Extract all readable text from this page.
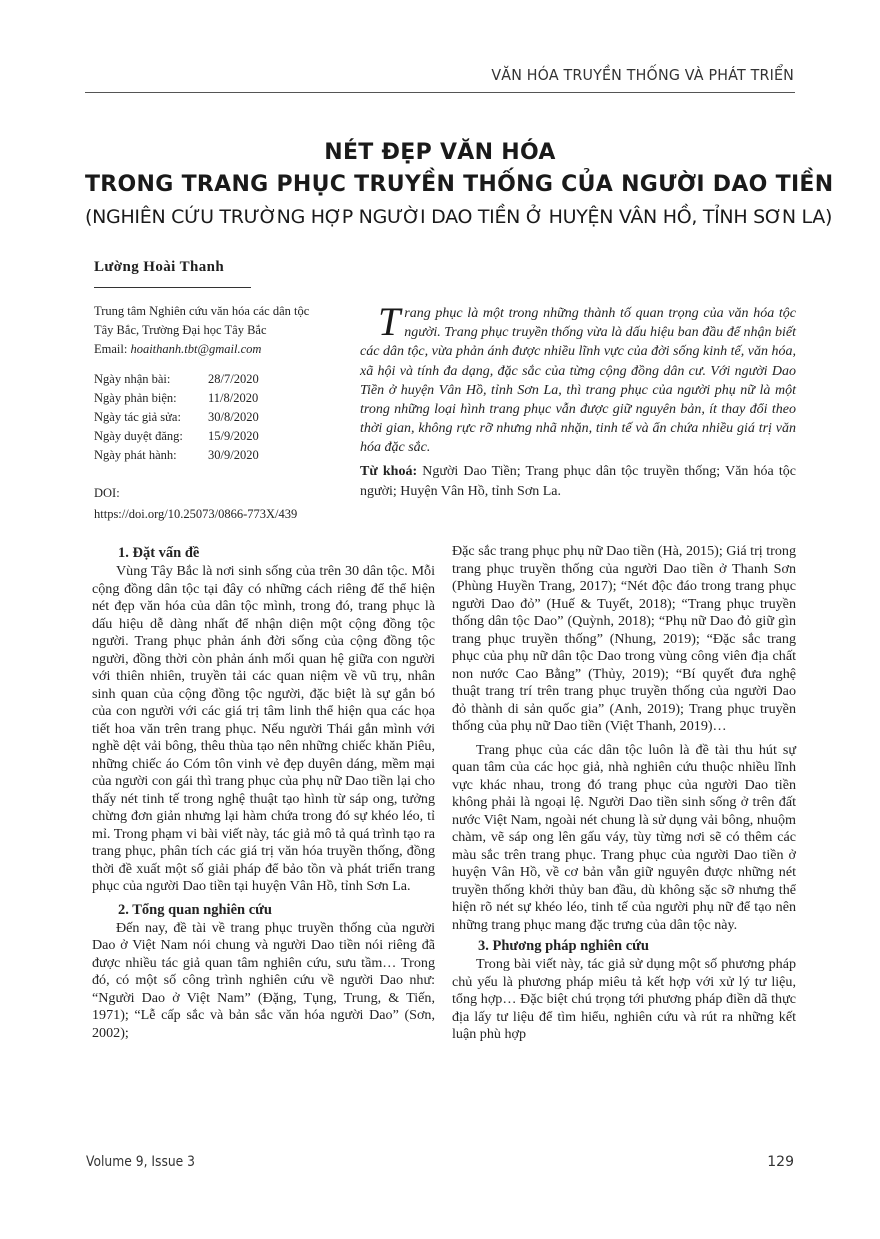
VĂN HÓA TRUYỀN THỐNG VÀ PHÁT TRIỂN
NÉT ĐẸP VĂN HÓA
TRONG TRANG PHỤC TRUYỀN THỐNG CỦA NGƯỜI DAO TIỀN
(NGHIÊN CỨU TRƯỜNG HỢP NGƯỜI DAO TIỀN Ở HUYỆN VÂN HỒ, TỈNH SƠN LA)
Lường Hoài Thanh
Trung tâm Nghiên cứu văn hóa các dân tộc
Tây Bắc, Trường Đại học Tây Bắc
Email: hoaithanh.tbt@gmail.com
Ngày nhận bài:	28/7/2020
Ngày phản biện:	11/8/2020
Ngày tác giả sửa:	30/8/2020
Ngày duyệt đăng:	15/9/2020
Ngày phát hành:	30/9/2020
DOI:
https://doi.org/10.25073/0866-773X/439
Trang phục là một trong những thành tố quan trọng của văn hóa tộc người. Trang phục truyền thống vừa là dấu hiệu ban đầu để nhận biết các dân tộc, vừa phản ánh được nhiều lĩnh vực của đời sống kinh tế, văn hóa, xã hội và tính đa dạng, đặc sắc của từng cộng đồng dân cư. Với người Dao Tiền ở huyện Vân Hồ, tỉnh Sơn La, thì trang phục của người phụ nữ là một trong những loại hình trang phục vẫn được giữ nguyên bản, ít thay đổi theo thời gian, không rực rỡ nhưng nhã nhặn, tinh tế và ẩn chứa nhiều giá trị văn hóa đặc sắc.
Từ khoá: Người Dao Tiền; Trang phục dân tộc truyền thống; Văn hóa tộc người; Huyện Vân Hồ, tỉnh Sơn La.
1. Đặt vấn đề

Vùng Tây Bắc là nơi sinh sống của trên 30 dân tộc. Mỗi cộng đồng dân tộc tại đây có những cách riêng để thể hiện nét đẹp văn hóa của dân tộc mình, trong đó, trang phục là dấu hiệu dễ dàng nhất để nhận diện một cộng đồng tộc người. Trang phục phản ánh đời sống của cộng đồng tộc người, đồng thời còn phản ánh mối quan hệ giữa con người với thiên nhiên, truyền tải các quan niệm về vũ trụ, nhân sinh quan của cộng đồng tộc người, đặc biệt là sự gắn bó của con người với các giá trị tâm linh thể hiện qua các họa tiết hoa văn trên trang phục. Nếu người Thái gắn mình với nghề dệt vải bông, thêu thùa tạo nên những chiếc khăn Piêu, những chiếc áo Cóm tôn vinh vẻ đẹp duyên dáng, mềm mại của người con gái thì trang phục của phụ nữ Dao tiền lại cho thấy nét tinh tế trong nghệ thuật tạo hình từ sáp ong, tưởng chừng đơn giản nhưng lại hàm chứa trong đó sự khéo léo, tỉ mỉ. Trong phạm vi bài viết này, tác giả mô tả quá trình tạo ra trang phục, phân tích các giá trị văn hóa truyền thống, đồng thời đề xuất một số giải pháp để bảo tồn và phát triển trang phục của người Dao tiền tại huyện Vân Hồ, tỉnh Sơn La.

2. Tổng quan nghiên cứu

Đến nay, đề tài về trang phục truyền thống của người Dao ở Việt Nam nói chung và người Dao tiền nói riêng đã được nhiều tác giả quan tâm nghiên cứu, sưu tầm… Trong đó, có một số công trình nghiên cứu về người Dao như: “Người Dao ở Việt Nam” (Đặng, Tụng, Trung, & Tiến, 1971); “Lễ cấp sắc và bản sắc văn hóa người Dao” (Sơn, 2002);

Đặc sắc trang phục phụ nữ Dao tiền (Hà, 2015); Giá trị trong trang phục truyền thống của người Dao tiền ở Thanh Sơn (Phùng Huyền Trang, 2017); “Nét độc đáo trong trang phục người Dao đỏ” (Huế & Tuyết, 2018); “Trang phục truyền thống dân tộc Dao” (Quỳnh, 2018); “Phụ nữ Dao đỏ giữ gìn trang phục truyền thống” (Nhung, 2019); “Đặc sắc trang phục của phụ nữ dân tộc Dao trong vùng công viên địa chất non nước Cao Bằng” (Thủy, 2019); “Bí quyết đưa nghệ thuật trang trí trên trang phục truyền thống của người Dao đỏ thành di sản quốc gia” (Anh, 2019); Trang phục truyền thống của phụ nữ Dao tiền (Việt Thanh, 2019)…

Trang phục của các dân tộc luôn là đề tài thu hút sự quan tâm của các học giả, nhà nghiên cứu thuộc nhiều lĩnh vực khác nhau, trong đó trang phục của người Dao tiền không phải là ngoại lệ. Người Dao tiền sinh sống ở trên đất nước Việt Nam, ngoài nét chung là sử dụng vải bông, nhuộm chàm, vẽ sáp ong lên gấu váy, tùy từng nơi sẽ có thêm các màu sắc trên trang phục. Trang phục của người Dao tiền ở huyện Vân Hồ, về cơ bản vẫn giữ nguyên được những nét truyền thống khởi thủy ban đầu, dù không sặc sỡ nhưng thể hiện rõ nét sự khéo léo, tinh tế của người phụ nữ để tạo nên những trang phục mang đặc trưng của dân tộc này.

3. Phương pháp nghiên cứu

Trong bài viết này, tác giả sử dụng một số phương pháp chủ yếu là phương pháp miêu tả kết hợp với xử lý tư liệu, tổng hợp… Đặc biệt chú trọng tới phương pháp điền dã thực địa lấy tư liệu để tìm hiểu, nghiên cứu và rút ra những kết luận phù hợp

Volume 9, Issue 3	129
